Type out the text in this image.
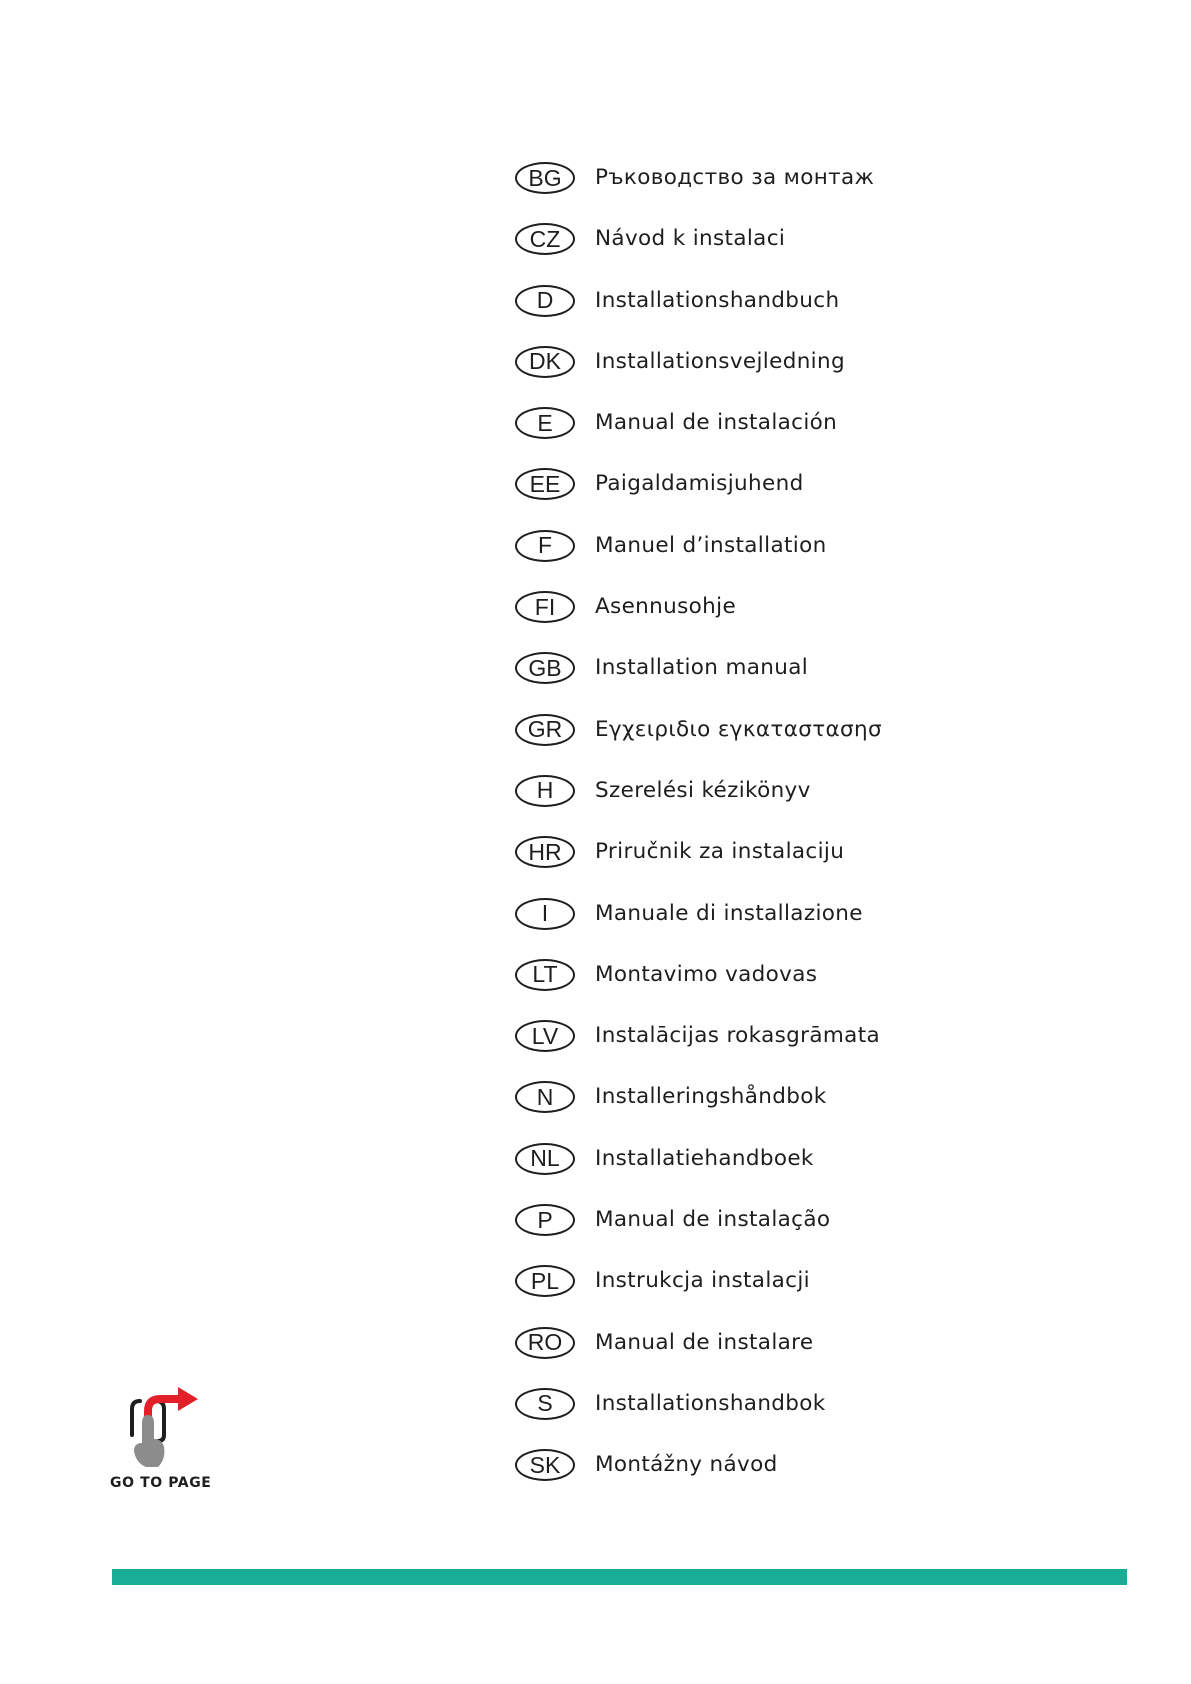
BG	Ръководство за монтаж
CZ	Návod k instalaci
D	Installationshandbuch
DK	Installationsvejledning
E	Manual de instalación
EE	Paigaldamisjuhend
F	Manuel d’installation
FI	Asennusohje
GB	Installation manual
GR	Εγχειριδιο εγκαταστασησ
H	Szerelési kézikönyv
HR	Priručnik za instalaciju
I	Manuale di installazione
LT	Montavimo vadovas
LV	Instalācijas rokasgrāmata
N	Installeringshåndbok
NL	Installatiehandboek
P	Manual de instalação
PL	Instrukcja instalacji
RO	Manual de instalare
S	Installationshandbok
SK	Montážny návod
GO TO PAGE
